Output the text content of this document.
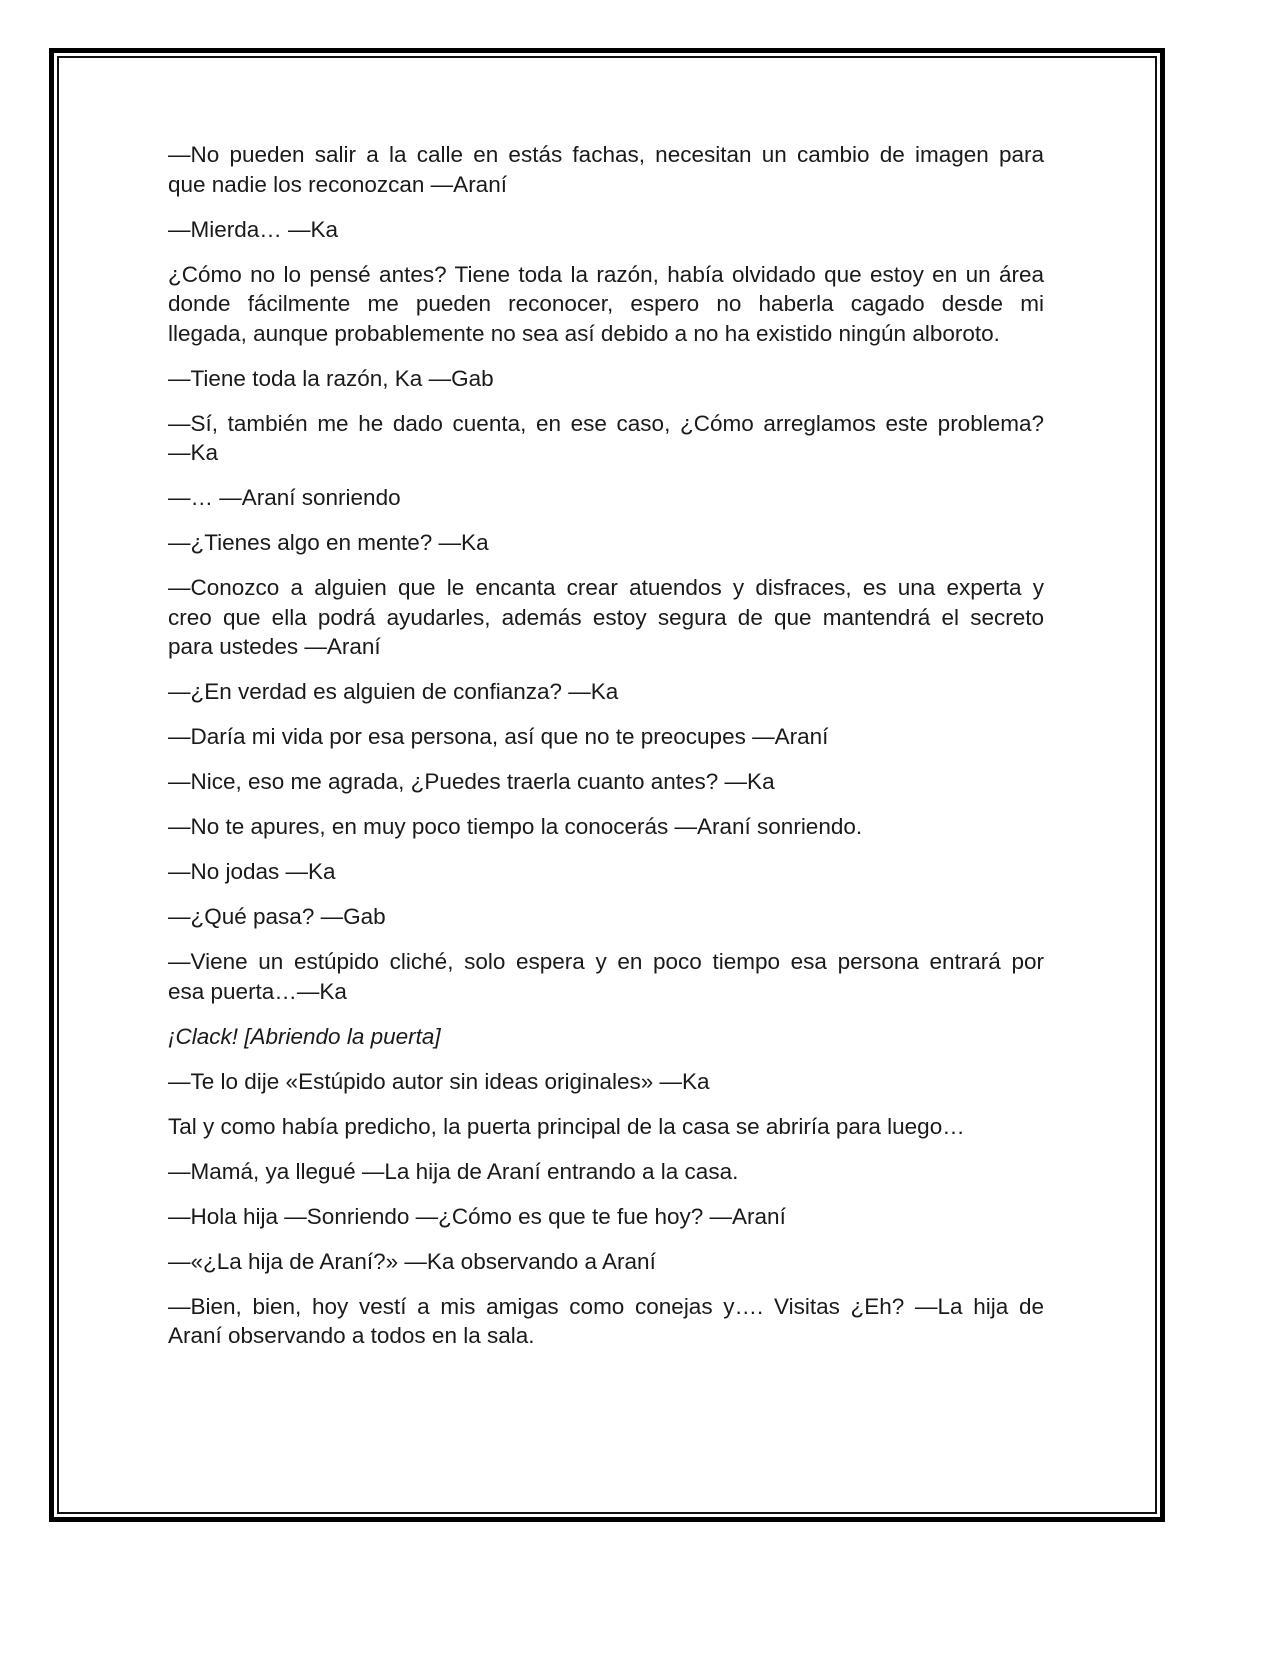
—No pueden salir a la calle en estás fachas, necesitan un cambio de imagen para
que nadie los reconozcan —Araní
—Mierda… —Ka
¿Cómo no lo pensé antes? Tiene toda la razón, había olvidado que estoy en un área
donde fácilmente me pueden reconocer, espero no haberla cagado desde mi
llegada, aunque probablemente no sea así debido a no ha existido ningún alboroto.
—Tiene toda la razón, Ka —Gab
—Sí, también me he dado cuenta, en ese caso, ¿Cómo arreglamos este problema?
—Ka
—… —Araní sonriendo
—¿Tienes algo en mente? —Ka
—Conozco a alguien que le encanta crear atuendos y disfraces, es una experta y
creo que ella podrá ayudarles, además estoy segura de que mantendrá el secreto
para ustedes —Araní
—¿En verdad es alguien de confianza? —Ka
—Daría mi vida por esa persona, así que no te preocupes —Araní
—Nice, eso me agrada, ¿Puedes traerla cuanto antes? —Ka
—No te apures, en muy poco tiempo la conocerás —Araní sonriendo.
—No jodas —Ka
—¿Qué pasa? —Gab
—Viene un estúpido cliché, solo espera y en poco tiempo esa persona entrará por
esa puerta…—Ka
¡Clack! [Abriendo la puerta]
—Te lo dije «Estúpido autor sin ideas originales» —Ka
Tal y como había predicho, la puerta principal de la casa se abriría para luego…
—Mamá, ya llegué —La hija de Araní entrando a la casa.
—Hola hija —Sonriendo —¿Cómo es que te fue hoy? —Araní
—«¿La hija de Araní?» —Ka observando a Araní
—Bien, bien, hoy vestí a mis amigas como conejas y…. Visitas ¿Eh? —La hija de
Araní observando a todos en la sala.
